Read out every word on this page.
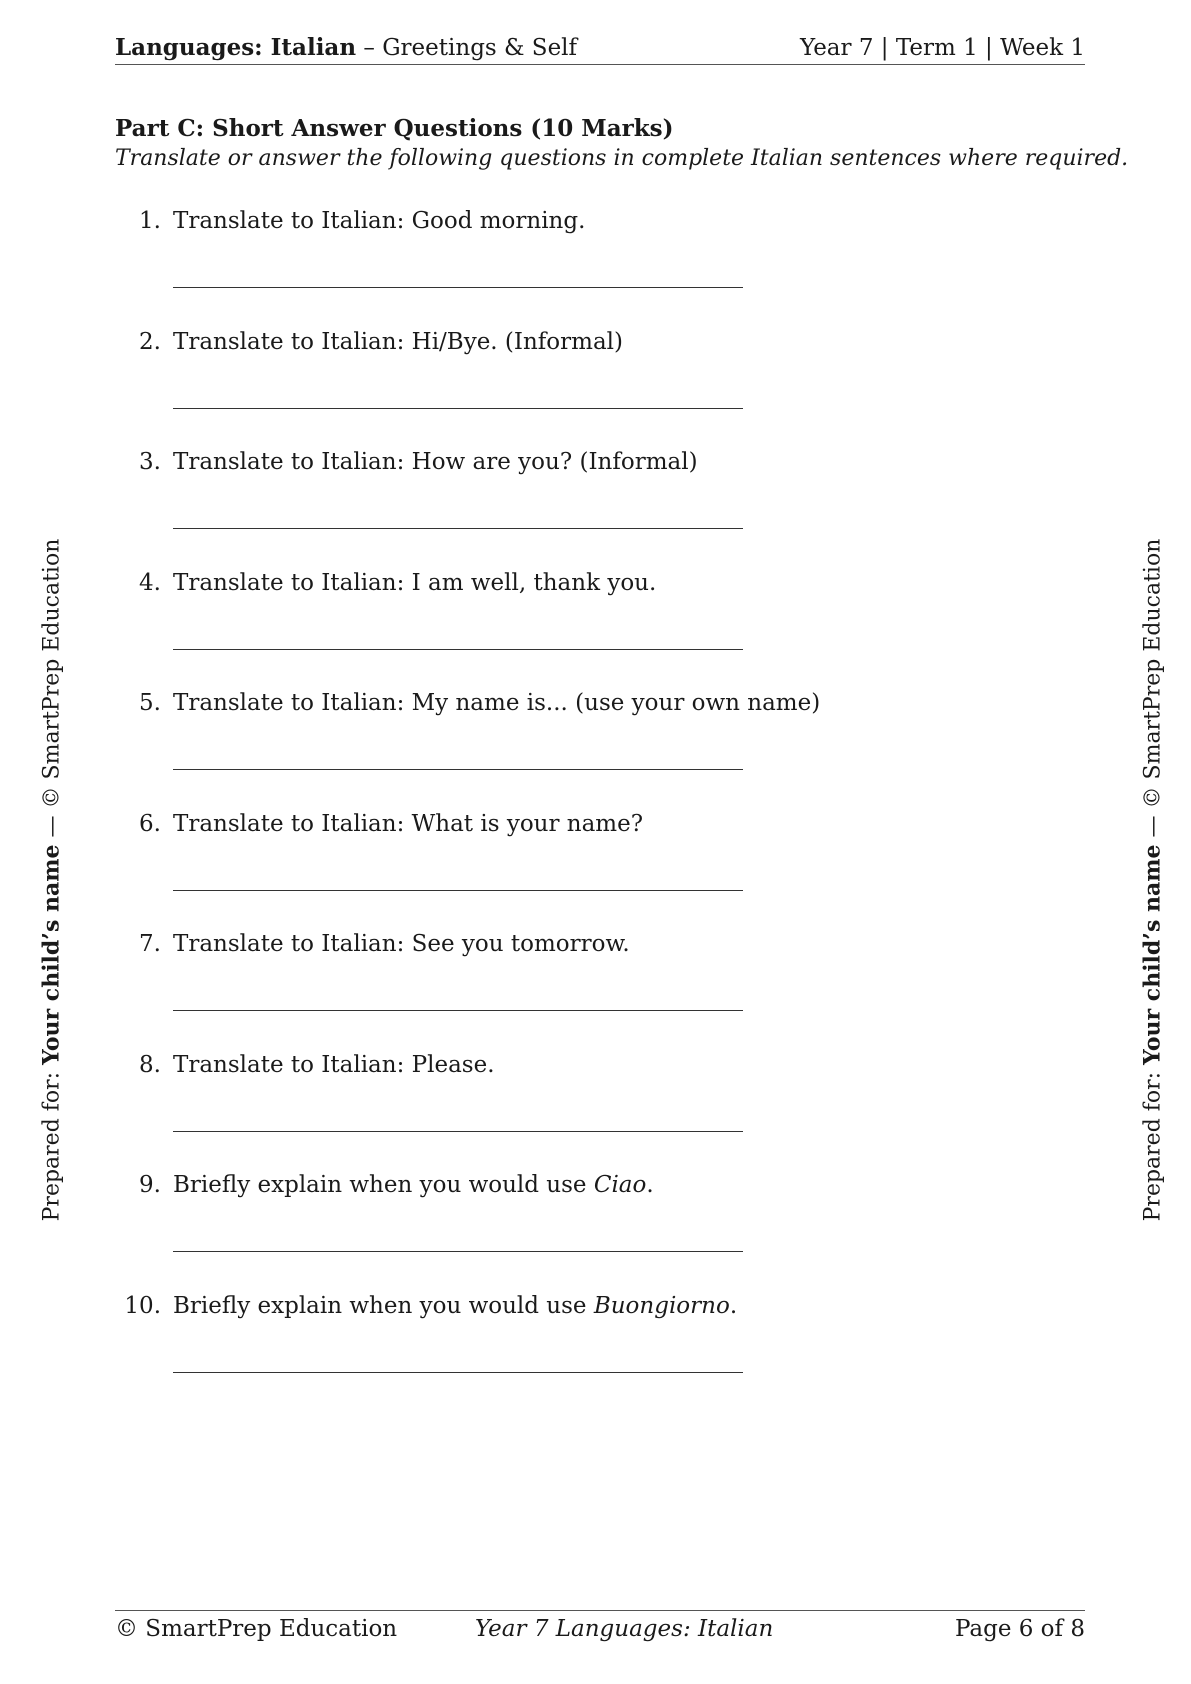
Languages: Italian – Greetings & Self	Year 7 | Term 1 | Week 1
Part C: Short Answer Questions (10 Marks)
Translate or answer the following questions in complete Italian sentences where required.
1. Translate to Italian: Good morning.
2. Translate to Italian: Hi/Bye. (Informal)
3. Translate to Italian: How are you? (Informal)
4. Translate to Italian: I am well, thank you.
5. Translate to Italian: My name is... (use your own name)
6. Translate to Italian: What is your name?
7. Translate to Italian: See you tomorrow.
8. Translate to Italian: Please.
9. Briefly explain when you would use Ciao.
10. Briefly explain when you would use Buongiorno.
Prepared for: Your child’s name — © SmartPrep Education
Prepared for: Your child’s name — © SmartPrep Education
© SmartPrep Education	Year 7 Languages: Italian	Page 6 of 8
